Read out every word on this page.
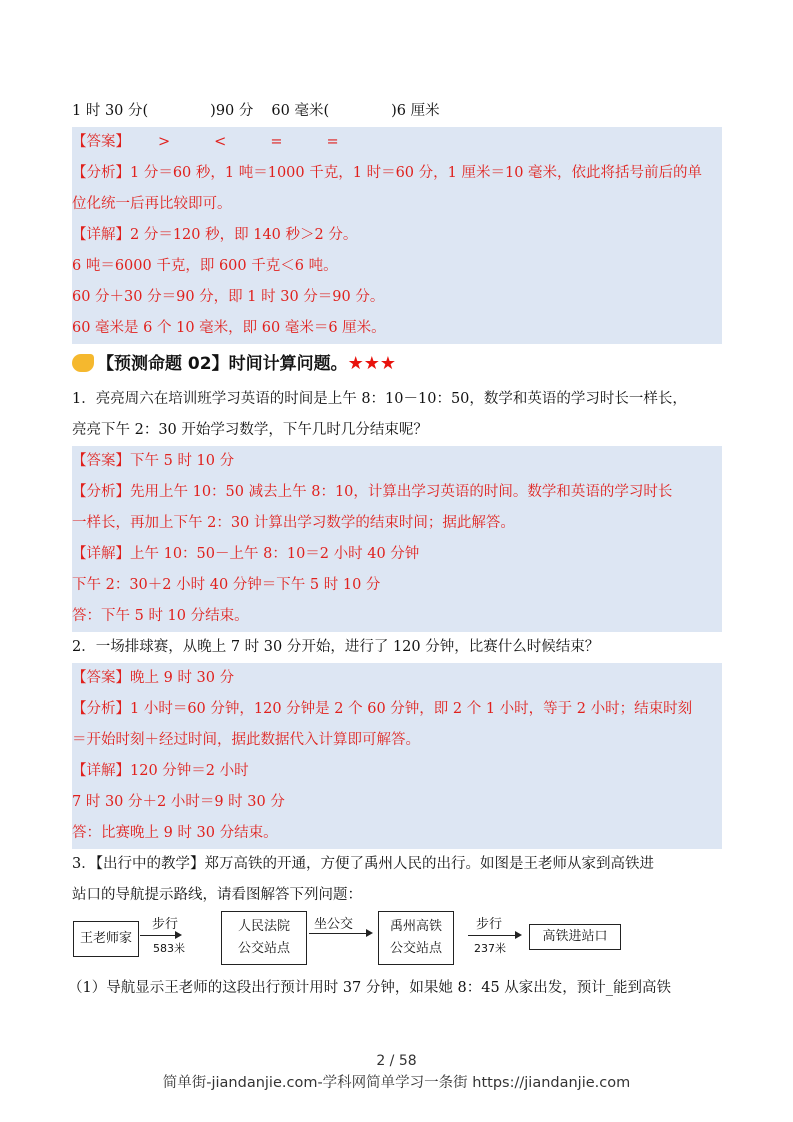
1 时 30 分(	)90 分 60 毫米(	)6 厘米
【答案】 >	<	=	=
【分析】1 分＝60 秒，1 吨＝1000 千克，1 时＝60 分，1 厘米＝10 毫米，依此将括号前后的单
位化统一后再比较即可。
【详解】2 分＝120 秒，即 140 秒＞2 分。
6 吨＝6000 千克，即 600 千克＜6 吨。
60 分＋30 分＝90 分，即 1 时 30 分＝90 分。
60 毫米是 6 个 10 毫米，即 60 毫米＝6 厘米。
【预测命题 02】时间计算问题。★★★
1．亮亮周六在培训班学习英语的时间是上午 8：10－10：50，数学和英语的学习时长一样长，
亮亮下午 2：30 开始学习数学，下午几时几分结束呢？
【答案】下午 5 时 10 分
【分析】先用上午 10：50 减去上午 8：10，计算出学习英语的时间。数学和英语的学习时长
一样长，再加上下午 2：30 计算出学习数学的结束时间；据此解答。
【详解】上午 10：50－上午 8：10＝2 小时 40 分钟
下午 2：30＋2 小时 40 分钟＝下午 5 时 10 分
答：下午 5 时 10 分结束。
2．一场排球赛，从晚上 7 时 30 分开始，进行了 120 分钟，比赛什么时候结束？
【答案】晚上 9 时 30 分
【分析】1 小时＝60 分钟，120 分钟是 2 个 60 分钟，即 2 个 1 小时，等于 2 小时；结束时刻
＝开始时刻＋经过时间，据此数据代入计算即可解答。
【详解】120 分钟＝2 小时
7 时 30 分＋2 小时＝9 时 30 分
答：比赛晚上 9 时 30 分结束。
3．【出行中的教学】郑万高铁的开通，方便了禹州人民的出行。如图是王老师从家到高铁进
站口的导航提示路线，请看图解答下列问题：
王老师家
步行
583米
人民法院
公交站点
坐公交	禹州高铁
公交站点
步行
237米
高铁进站口
（1）导航显示王老师的这段出行预计用时 37 分钟，如果她 8：45 从家出发，预计_能到高铁
2 / 58
简单街-jiandanjie.com-学科网简单学习一条街 https://jiandanjie.com
